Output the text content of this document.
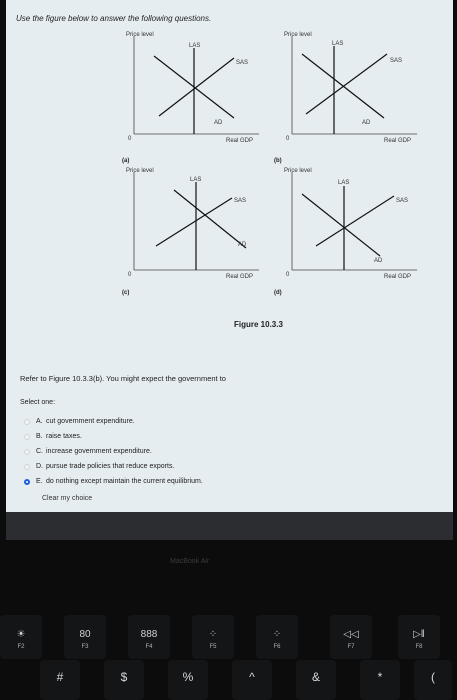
Use the figure below to answer the following questions.
Price level
Real GDP
0
LAS
SAS
AD
(a)
Price level
Real GDP
0
LAS
SAS
AD
(b)
Price level
Real GDP
0
LAS
SAS
AD
(c)
Price level
Real GDP
0
LAS
SAS
AD
(d)
Figure 10.3.3
Refer to Figure 10.3.3(b). You might expect the government to
Select one:
A. cut government expenditure.
B. raise taxes.
C. increase government expenditure.
D. pursue trade policies that reduce exports.
E. do nothing except maintain the current equilibrium.
Clear my choice
MacBook Air
☀
F2
80
F3
888
F4
⁘
F5
⁘
F6
◁◁
F7
▷‖
F8
#	$	%	^	&	*	(
